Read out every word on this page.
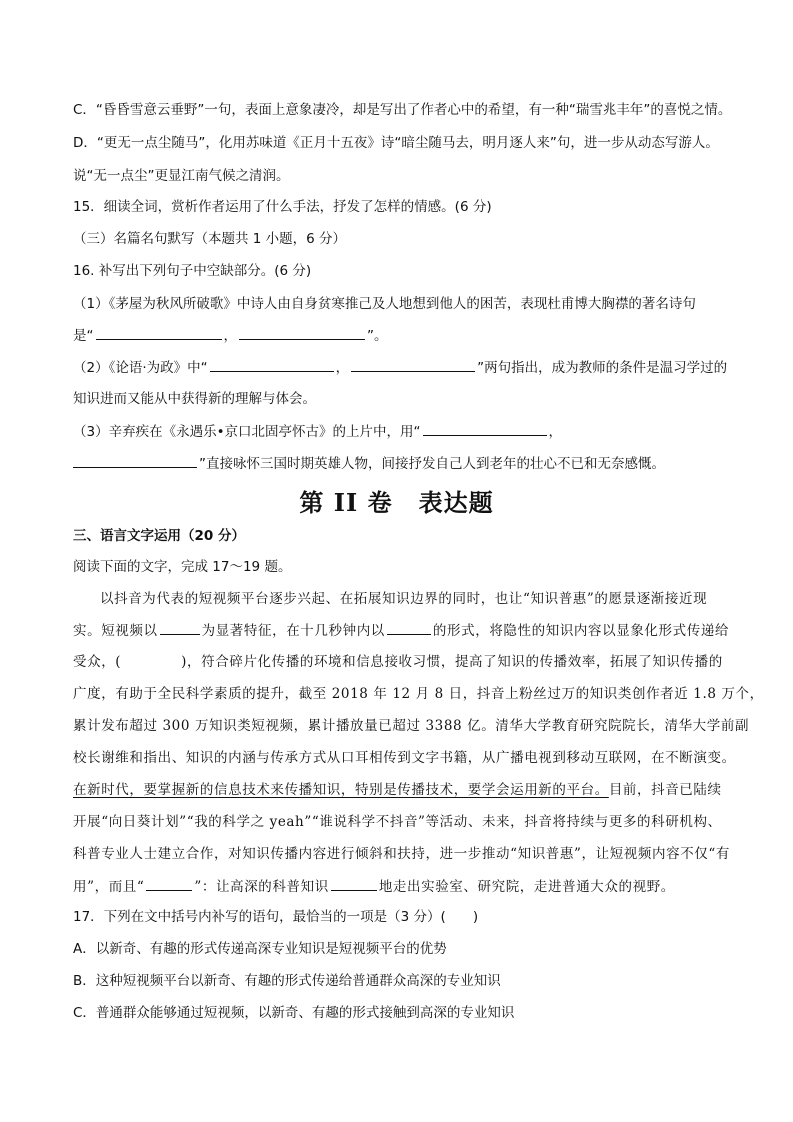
C．“昏昏雪意云垂野”一句，表面上意象凄冷，却是写出了作者心中的希望，有一种“瑞雪兆丰年”的喜悦之情。
D．“更无一点尘随马”，化用苏味道《正月十五夜》诗“暗尘随马去，明月逐人来”句，进一步从动态写游人。
说“无一点尘”更显江南气候之清润。
15．细读全词，赏析作者运用了什么手法，抒发了怎样的情感。(6 分)
（三）名篇名句默写（本题共 1 小题，6 分）
16. 补写出下列句子中空缺部分。(6 分)
（1）《茅屋为秋风所破歌》中诗人由自身贫寒推己及人地想到他人的困苦，表现杜甫博大胸襟的著名诗句
是“	，	”。
（2）《论语·为政》中“	，	”两句指出，成为教师的条件是温习学过的
知识进而又能从中获得新的理解与体会。
（3）辛弃疾在《永遇乐•京口北固亭怀古》的上片中，用“	，
”直接咏怀三国时期英雄人物，间接抒发自己人到老年的壮心不已和无奈感慨。
第 II 卷 表达题
三、语言文字运用（20 分）
阅读下面的文字，完成 17～19 题。
以抖音为代表的短视频平台逐步兴起、在拓展知识边界的同时，也让“知识普惠”的愿景逐渐接近现
实。短视频以	为显著特征，在十几秒钟内以	的形式，将隐性的知识内容以显象化形式传递给
受众，(	)，符合碎片化传播的环境和信息接收习惯，提高了知识的传播效率，拓展了知识传播的
广度，有助于全民科学素质的提升，截至 2018 年 12 月 8 日，抖音上粉丝过万的知识类创作者近 1.8 万个，
累计发布超过 300 万知识类短视频，累计播放量已超过 3388 亿。清华大学教育研究院院长，清华大学前副
校长谢维和指出、知识的内涵与传承方式从口耳相传到文字书籍，从广播电视到移动互联网，在不断演变。
在新时代，要掌握新的信息技术来传播知识，特别是传播技术，要学会运用新的平台。目前，抖音已陆续
开展“向日葵计划”“我的科学之 yeah”“谁说科学不抖音”等活动、未来，抖音将持续与更多的科研机构、
科普专业人士建立合作，对知识传播内容进行倾斜和扶持，进一步推动“知识普惠”，让短视频内容不仅“有
用”，而且“	”：让高深的科普知识	地走出实验室、研究院，走进普通大众的视野。
17．下列在文中括号内补写的语句，最恰当的一项是（3 分）(　　)
A．以新奇、有趣的形式传递高深专业知识是短视频平台的优势
B．这种短视频平台以新奇、有趣的形式传递给普通群众高深的专业知识
C．普通群众能够通过短视频，以新奇、有趣的形式接触到高深的专业知识
